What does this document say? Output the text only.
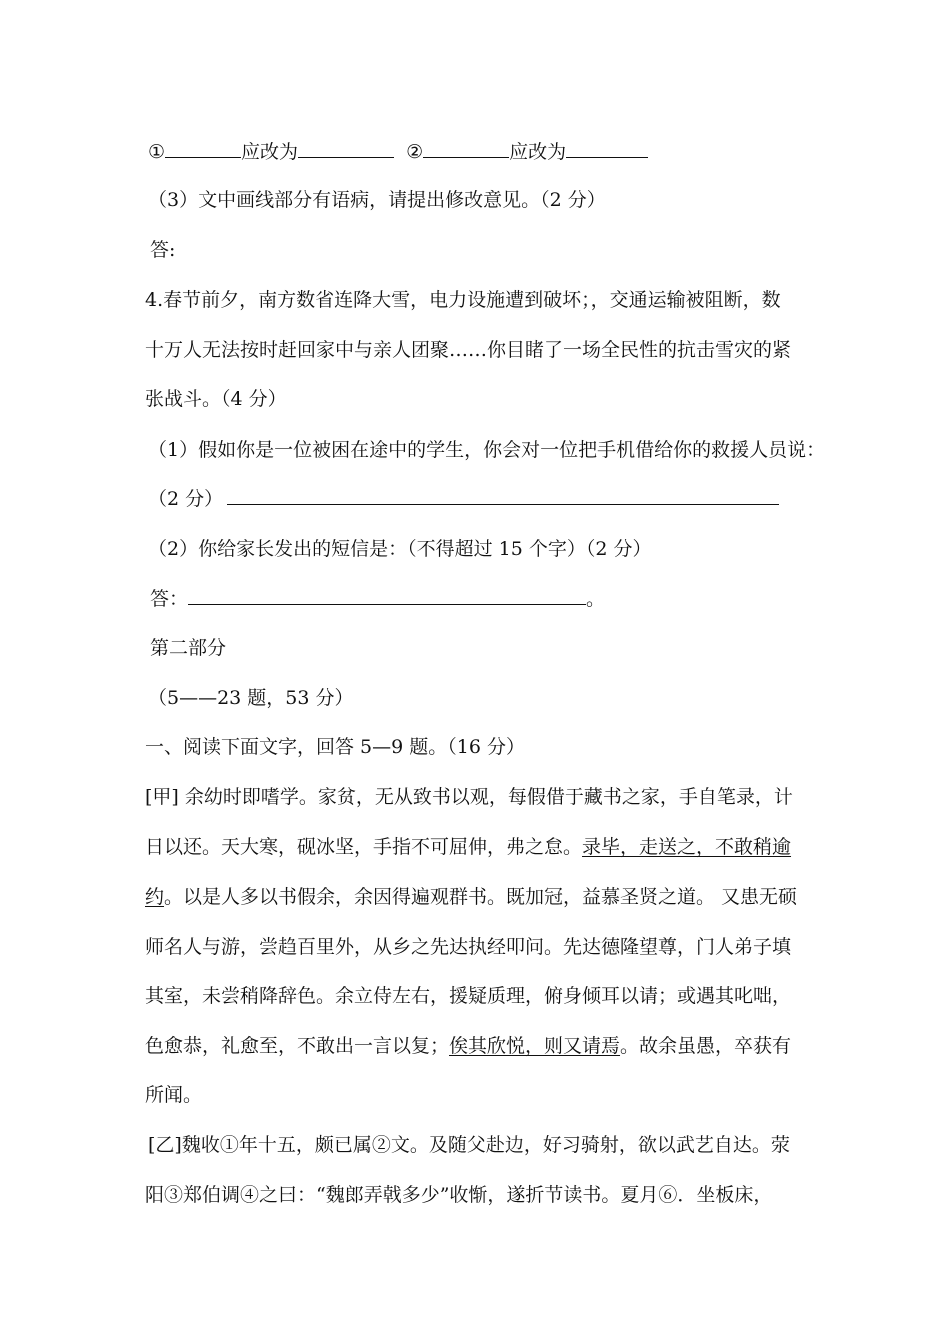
①	应改为	②	应改为
（3）文中画线部分有语病，请提出修改意见。（2 分）
答:
4.春节前夕，南方数省连降大雪，电力设施遭到破坏；，交通运输被阻断，数
十万人无法按时赶回家中与亲人团聚……你目睹了一场全民性的抗击雪灾的紧
张战斗。（4 分）
（1）假如你是一位被困在途中的学生，你会对一位把手机借给你的救援人员说：
（2 分）
（2）你给家长发出的短信是：（不得超过 15 个字）（2 分）
答：	。
第二部分
（5——23 题，53 分）
一、阅读下面文字，回答 5—9 题。（16 分）
[甲] 余幼时即嗜学。家贫，无从致书以观，每假借于藏书之家，手自笔录，计
日以还。天大寒，砚冰坚，手指不可屈伸，弗之怠。录毕，走送之，不敢稍逾
约。以是人多以书假余，余因得遍观群书。既加冠，益慕圣贤之道。 又患无硕
师名人与游，尝趋百里外，从乡之先达执经叩问。先达德隆望尊，门人弟子填
其室，未尝稍降辞色。余立侍左右，援疑质理，俯身倾耳以请；或遇其叱咄，
色愈恭，礼愈至，不敢出一言以复；俟其欣悦，则又请焉。故余虽愚，卒获有
所闻。
[乙]魏收①年十五，颇已属②文。及随父赴边，好习骑射，欲以武艺自达。荥
阳③郑伯调④之曰：“魏郎弄戟多少”收惭，遂折节读书。夏月⑥．坐板床，
